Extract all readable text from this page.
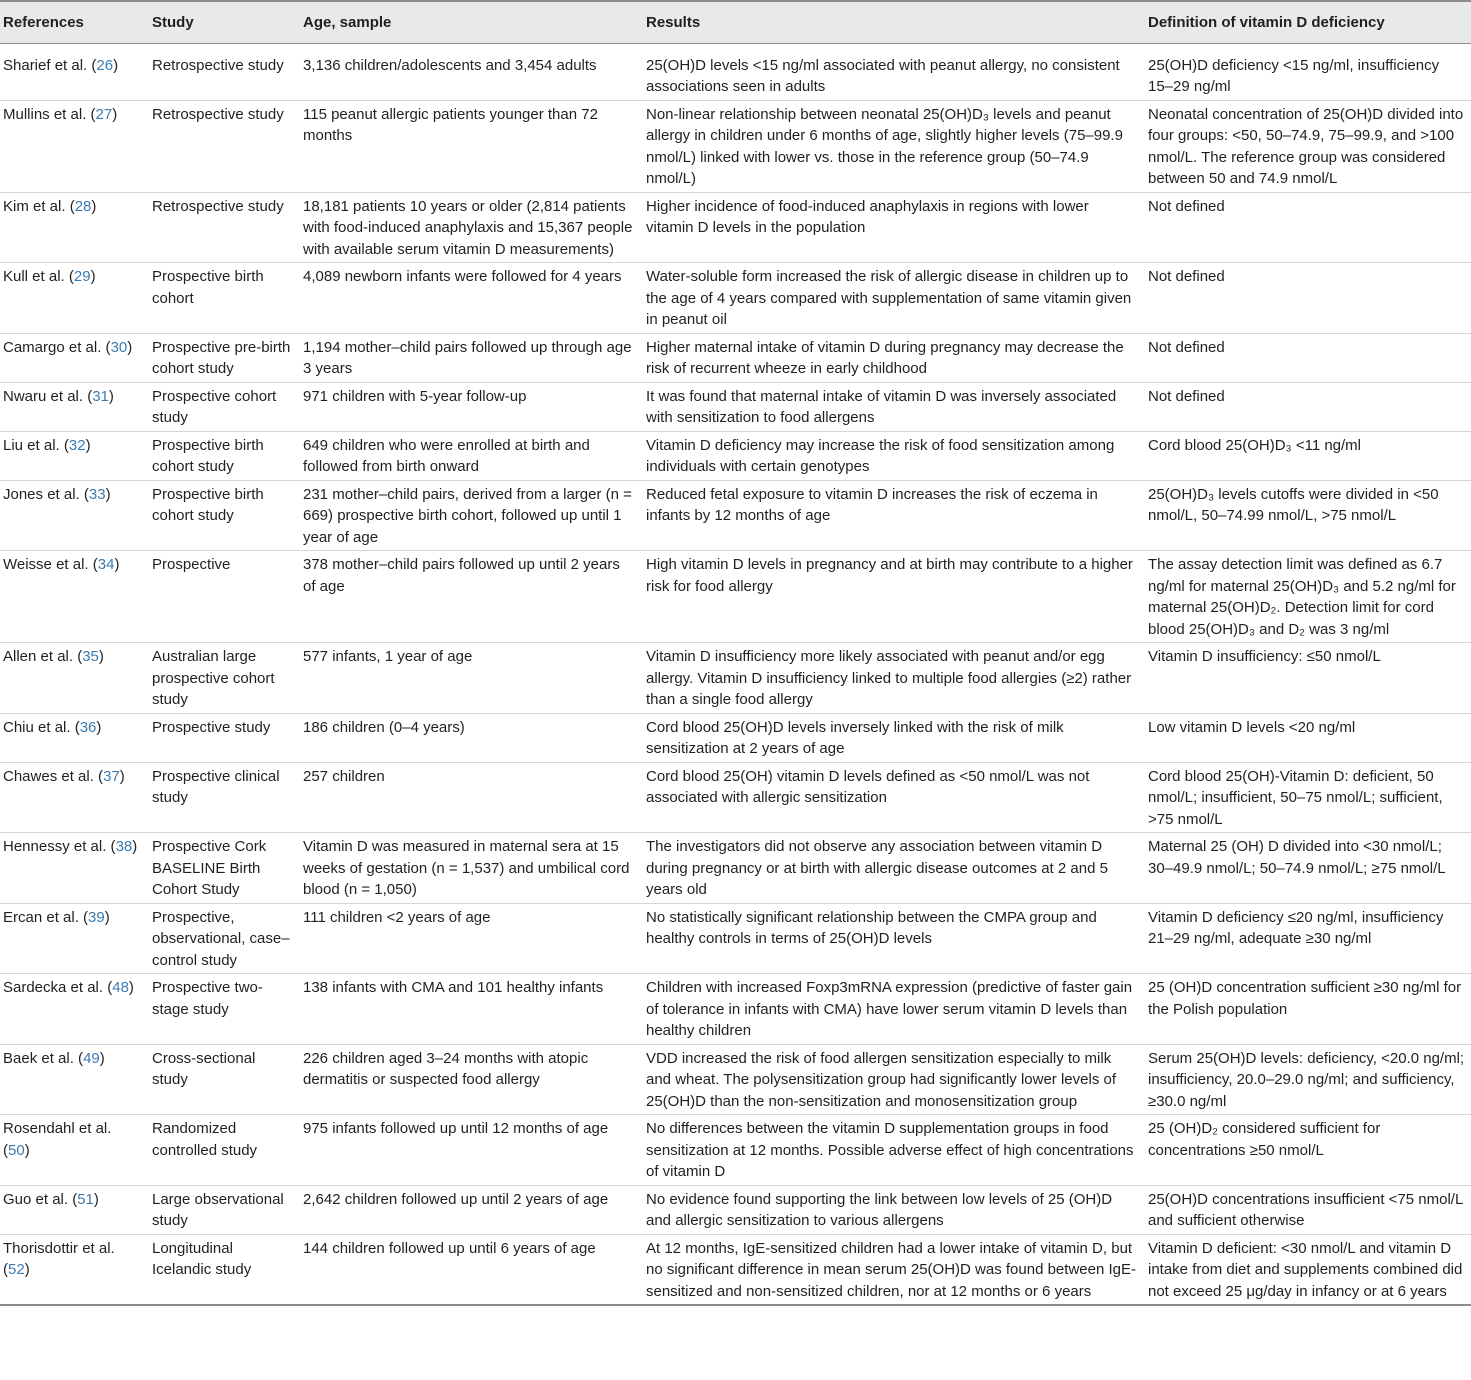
References	Study	Age, sample	Results	Definition of vitamin D deficiency
Sharief et al. (26)	Retrospective study	3,136 children/adolescents and 3,454 adults	25(OH)D levels <15 ng/ml associated with peanut allergy, no consistent associations seen in adults	25(OH)D deficiency <15 ng/ml, insufficiency 15–29 ng/ml
Mullins et al. (27)	Retrospective study	115 peanut allergic patients younger than 72 months	Non-linear relationship between neonatal 25(OH)D₃ levels and peanut allergy in children under 6 months of age, slightly higher levels (75–99.9 nmol/L) linked with lower vs. those in the reference group (50–74.9 nmol/L)	Neonatal concentration of 25(OH)D divided into four groups: <50, 50–74.9, 75–99.9, and >100 nmol/L. The reference group was considered between 50 and 74.9 nmol/L
Kim et al. (28)	Retrospective study	18,181 patients 10 years or older (2,814 patients with food-induced anaphylaxis and 15,367 people with available serum vitamin D measurements)	Higher incidence of food-induced anaphylaxis in regions with lower vitamin D levels in the population	Not defined
Kull et al. (29)	Prospective birth cohort	4,089 newborn infants were followed for 4 years	Water-soluble form increased the risk of allergic disease in children up to the age of 4 years compared with supplementation of same vitamin given in peanut oil	Not defined
Camargo et al. (30)	Prospective pre-birth cohort study	1,194 mother–child pairs followed up through age 3 years	Higher maternal intake of vitamin D during pregnancy may decrease the risk of recurrent wheeze in early childhood	Not defined
Nwaru et al. (31)	Prospective cohort study	971 children with 5-year follow-up	It was found that maternal intake of vitamin D was inversely associated with sensitization to food allergens	Not defined
Liu et al. (32)	Prospective birth cohort study	649 children who were enrolled at birth and followed from birth onward	Vitamin D deficiency may increase the risk of food sensitization among individuals with certain genotypes	Cord blood 25(OH)D₃ <11 ng/ml
Jones et al. (33)	Prospective birth cohort study	231 mother–child pairs, derived from a larger (n = 669) prospective birth cohort, followed up until 1 year of age	Reduced fetal exposure to vitamin D increases the risk of eczema in infants by 12 months of age	25(OH)D₃ levels cutoffs were divided in <50 nmol/L, 50–74.99 nmol/L, >75 nmol/L
Weisse et al. (34)	Prospective	378 mother–child pairs followed up until 2 years of age	High vitamin D levels in pregnancy and at birth may contribute to a higher risk for food allergy	The assay detection limit was defined as 6.7 ng/ml for maternal 25(OH)D₃ and 5.2 ng/ml for maternal 25(OH)D₂. Detection limit for cord blood 25(OH)D₃ and D₂ was 3 ng/ml
Allen et al. (35)	Australian large prospective cohort study	577 infants, 1 year of age	Vitamin D insufficiency more likely associated with peanut and/or egg allergy. Vitamin D insufficiency linked to multiple food allergies (≥2) rather than a single food allergy	Vitamin D insufficiency: ≤50 nmol/L
Chiu et al. (36)	Prospective study	186 children (0–4 years)	Cord blood 25(OH)D levels inversely linked with the risk of milk sensitization at 2 years of age	Low vitamin D levels <20 ng/ml
Chawes et al. (37)	Prospective clinical study	257 children	Cord blood 25(OH) vitamin D levels defined as <50 nmol/L was not associated with allergic sensitization	Cord blood 25(OH)-Vitamin D: deficient, 50 nmol/L; insufficient, 50–75 nmol/L; sufficient, >75 nmol/L
Hennessy et al. (38)	Prospective Cork BASELINE Birth Cohort Study	Vitamin D was measured in maternal sera at 15 weeks of gestation (n = 1,537) and umbilical cord blood (n = 1,050)	The investigators did not observe any association between vitamin D during pregnancy or at birth with allergic disease outcomes at 2 and 5 years old	Maternal 25 (OH) D divided into <30 nmol/L; 30–49.9 nmol/L; 50–74.9 nmol/L; ≥75 nmol/L
Ercan et al. (39)	Prospective, observational, case–control study	111 children <2 years of age	No statistically significant relationship between the CMPA group and healthy controls in terms of 25(OH)D levels	Vitamin D deficiency ≤20 ng/ml, insufficiency 21–29 ng/ml, adequate ≥30 ng/ml
Sardecka et al. (48)	Prospective two-stage study	138 infants with CMA and 101 healthy infants	Children with increased Foxp3mRNA expression (predictive of faster gain of tolerance in infants with CMA) have lower serum vitamin D levels than healthy children	25 (OH)D concentration sufficient ≥30 ng/ml for the Polish population
Baek et al. (49)	Cross-sectional study	226 children aged 3–24 months with atopic dermatitis or suspected food allergy	VDD increased the risk of food allergen sensitization especially to milk and wheat. The polysensitization group had significantly lower levels of 25(OH)D than the non-sensitization and monosensitization group	Serum 25(OH)D levels: deficiency, <20.0 ng/ml; insufficiency, 20.0–29.0 ng/ml; and sufficiency, ≥30.0 ng/ml
Rosendahl et al. (50)	Randomized controlled study	975 infants followed up until 12 months of age	No differences between the vitamin D supplementation groups in food sensitization at 12 months. Possible adverse effect of high concentrations of vitamin D	25 (OH)D₂ considered sufficient for concentrations ≥50 nmol/L
Guo et al. (51)	Large observational study	2,642 children followed up until 2 years of age	No evidence found supporting the link between low levels of 25 (OH)D and allergic sensitization to various allergens	25(OH)D concentrations insufficient <75 nmol/L and sufficient otherwise
Thorisdottir et al. (52)	Longitudinal Icelandic study	144 children followed up until 6 years of age	At 12 months, IgE-sensitized children had a lower intake of vitamin D, but no significant difference in mean serum 25(OH)D was found between IgE-sensitized and non-sensitized children, nor at 12 months or 6 years	Vitamin D deficient: <30 nmol/L and vitamin D intake from diet and supplements combined did not exceed 25 μg/day in infancy or at 6 years
